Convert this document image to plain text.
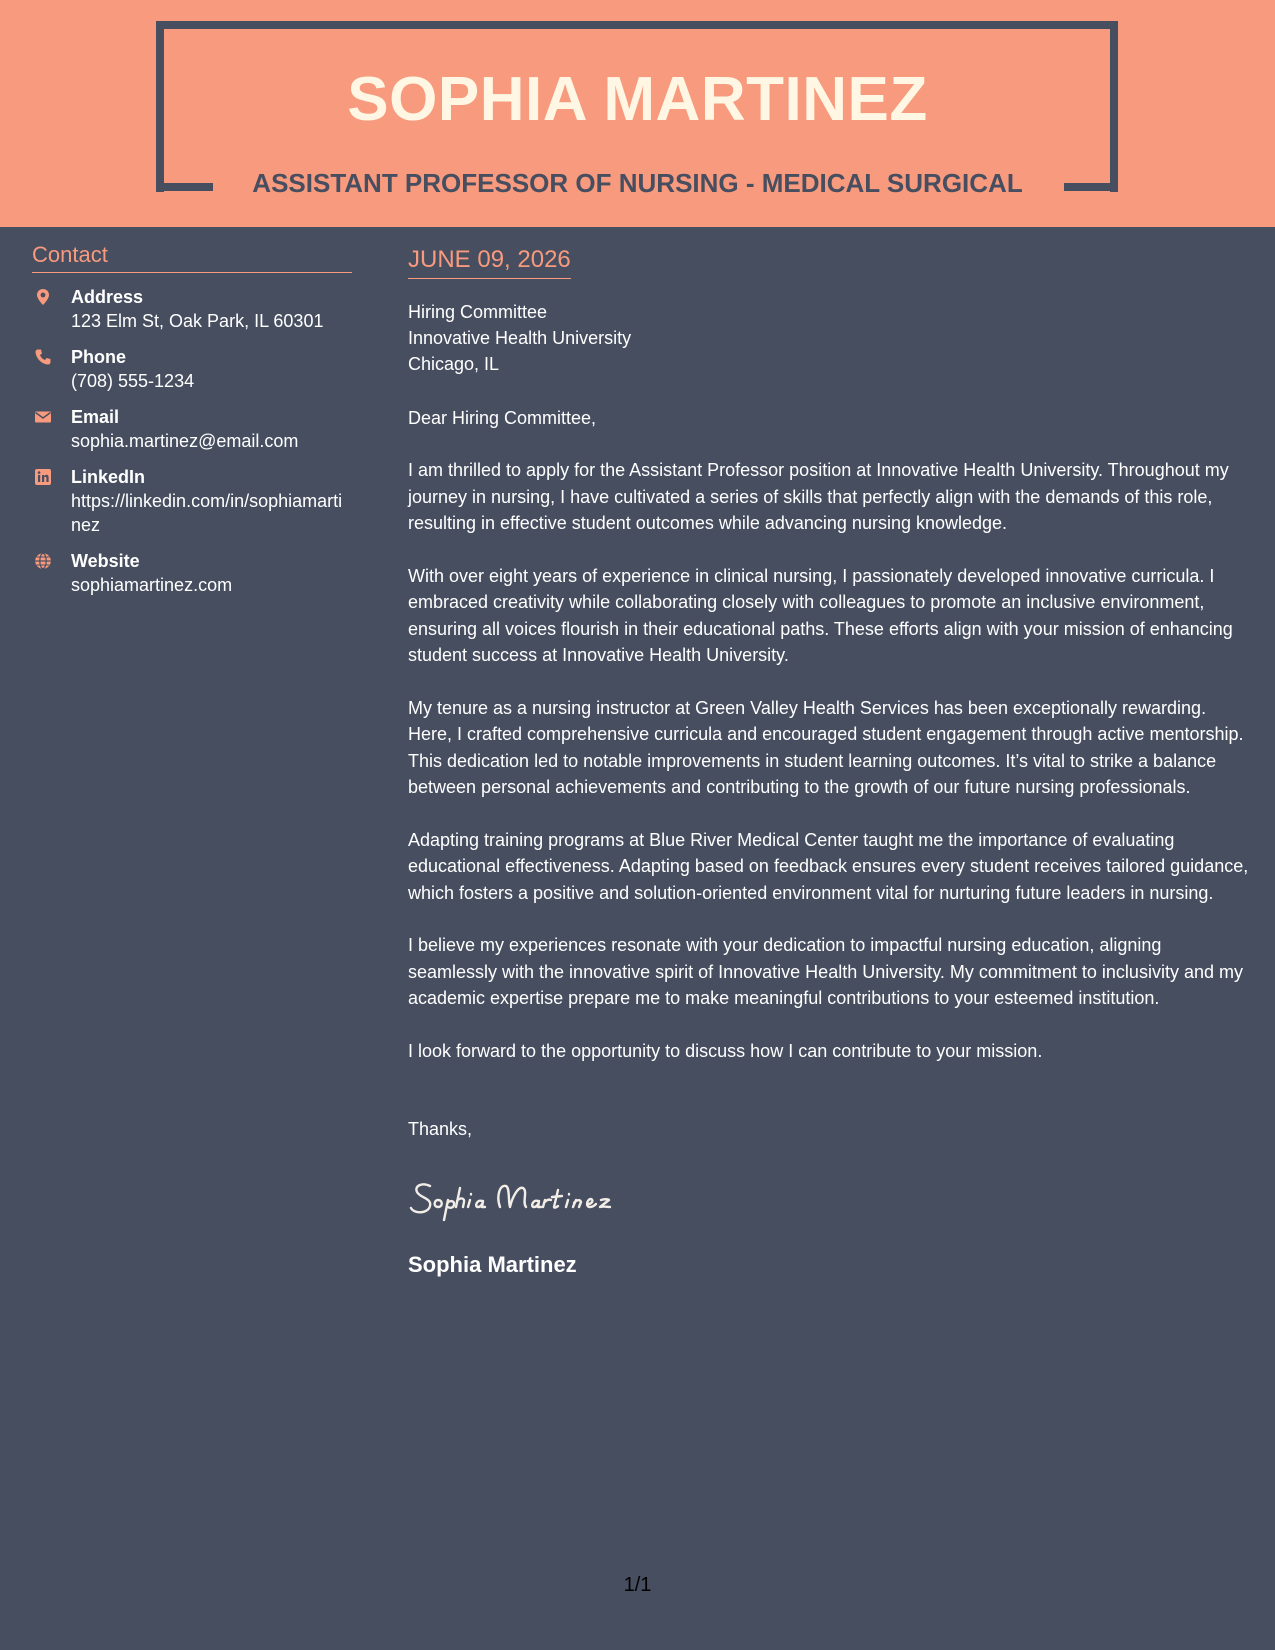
SOPHIA MARTINEZ
ASSISTANT PROFESSOR OF NURSING - MEDICAL SURGICAL
Contact
Address
123 Elm St, Oak Park, IL 60301
Phone
(708) 555-1234
Email
sophia.martinez@email.com
LinkedIn
https://linkedin.com/in/sophiamartinez
Website
sophiamartinez.com
JUNE 09, 2026
Hiring Committee
Innovative Health University
Chicago, IL
Dear Hiring Committee,
I am thrilled to apply for the Assistant Professor position at Innovative Health University. Throughout my journey in nursing, I have cultivated a series of skills that perfectly align with the demands of this role, resulting in effective student outcomes while advancing nursing knowledge.
With over eight years of experience in clinical nursing, I passionately developed innovative curricula. I embraced creativity while collaborating closely with colleagues to promote an inclusive environment, ensuring all voices flourish in their educational paths. These efforts align with your mission of enhancing student success at Innovative Health University.
My tenure as a nursing instructor at Green Valley Health Services has been exceptionally rewarding. Here, I crafted comprehensive curricula and encouraged student engagement through active mentorship. This dedication led to notable improvements in student learning outcomes. It’s vital to strike a balance between personal achievements and contributing to the growth of our future nursing professionals.
Adapting training programs at Blue River Medical Center taught me the importance of evaluating educational effectiveness. Adapting based on feedback ensures every student receives tailored guidance, which fosters a positive and solution-oriented environment vital for nurturing future leaders in nursing.
I believe my experiences resonate with your dedication to impactful nursing education, aligning seamlessly with the innovative spirit of Innovative Health University. My commitment to inclusivity and my academic expertise prepare me to make meaningful contributions to your esteemed institution.
I look forward to the opportunity to discuss how I can contribute to your mission.
Thanks,
Sophia Martinez
1/1
